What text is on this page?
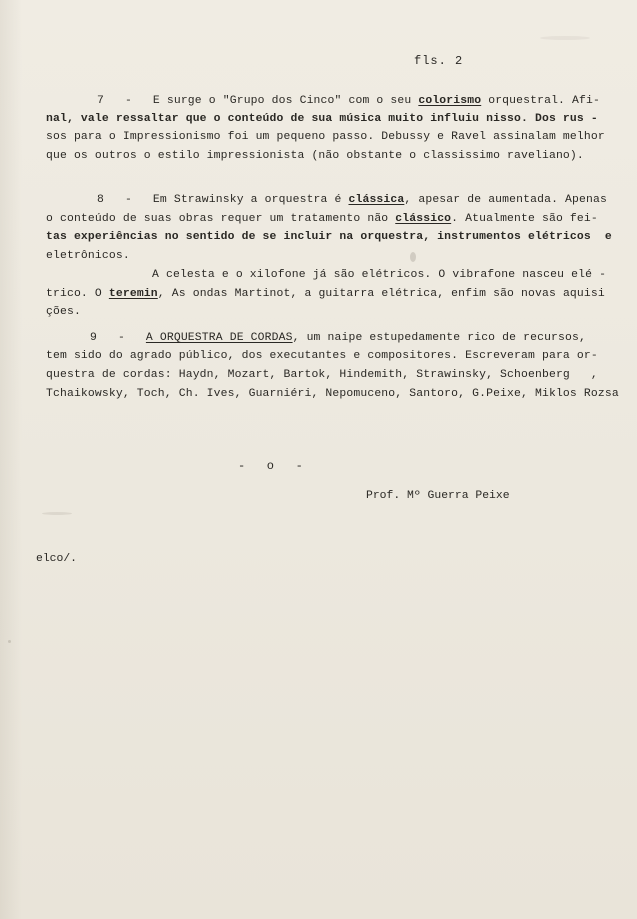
fls. 2
7   -   E surge o "Grupo dos Cinco" com o seu colorismo orquestral. Afi-
nal, vale ressaltar que o conteúdo de sua música muito influiu nisso. Dos rus -
sos para o Impressionismo foi um pequeno passo. Debussy e Ravel assinalam melhor
que os outros o estilo impressionista (não obstante o classissimo raveliano).
8   -   Em Strawinsky a orquestra é clássica, apesar de aumentada. Apenas
o conteúdo de suas obras requer um tratamento não clássico. Atualmente são fei-
tas experiências no sentido de se incluir na orquestra, instrumentos elétricos  e
eletrônicos.
A celesta e o xilofone já são elétricos. O vibrafone nasceu elé -
trico. O teremin, As ondas Martinot, a guitarra elétrica, enfim são novas aquisi
ções.
9   -   A ORQUESTRA DE CORDAS, um naipe estupedamente rico de recursos,
tem sido do agrado público, dos executantes e compositores. Escreveram para or-
questra de cordas: Haydn, Mozart, Bartok, Hindemith, Strawinsky, Schoenberg   ,
Tchaikowsky, Toch, Ch. Ives, Guarniéri, Nepomuceno, Santoro, G.Peixe, Miklos Rozsa
-   o   -
Prof. Mº Guerra Peixe
elco/.
